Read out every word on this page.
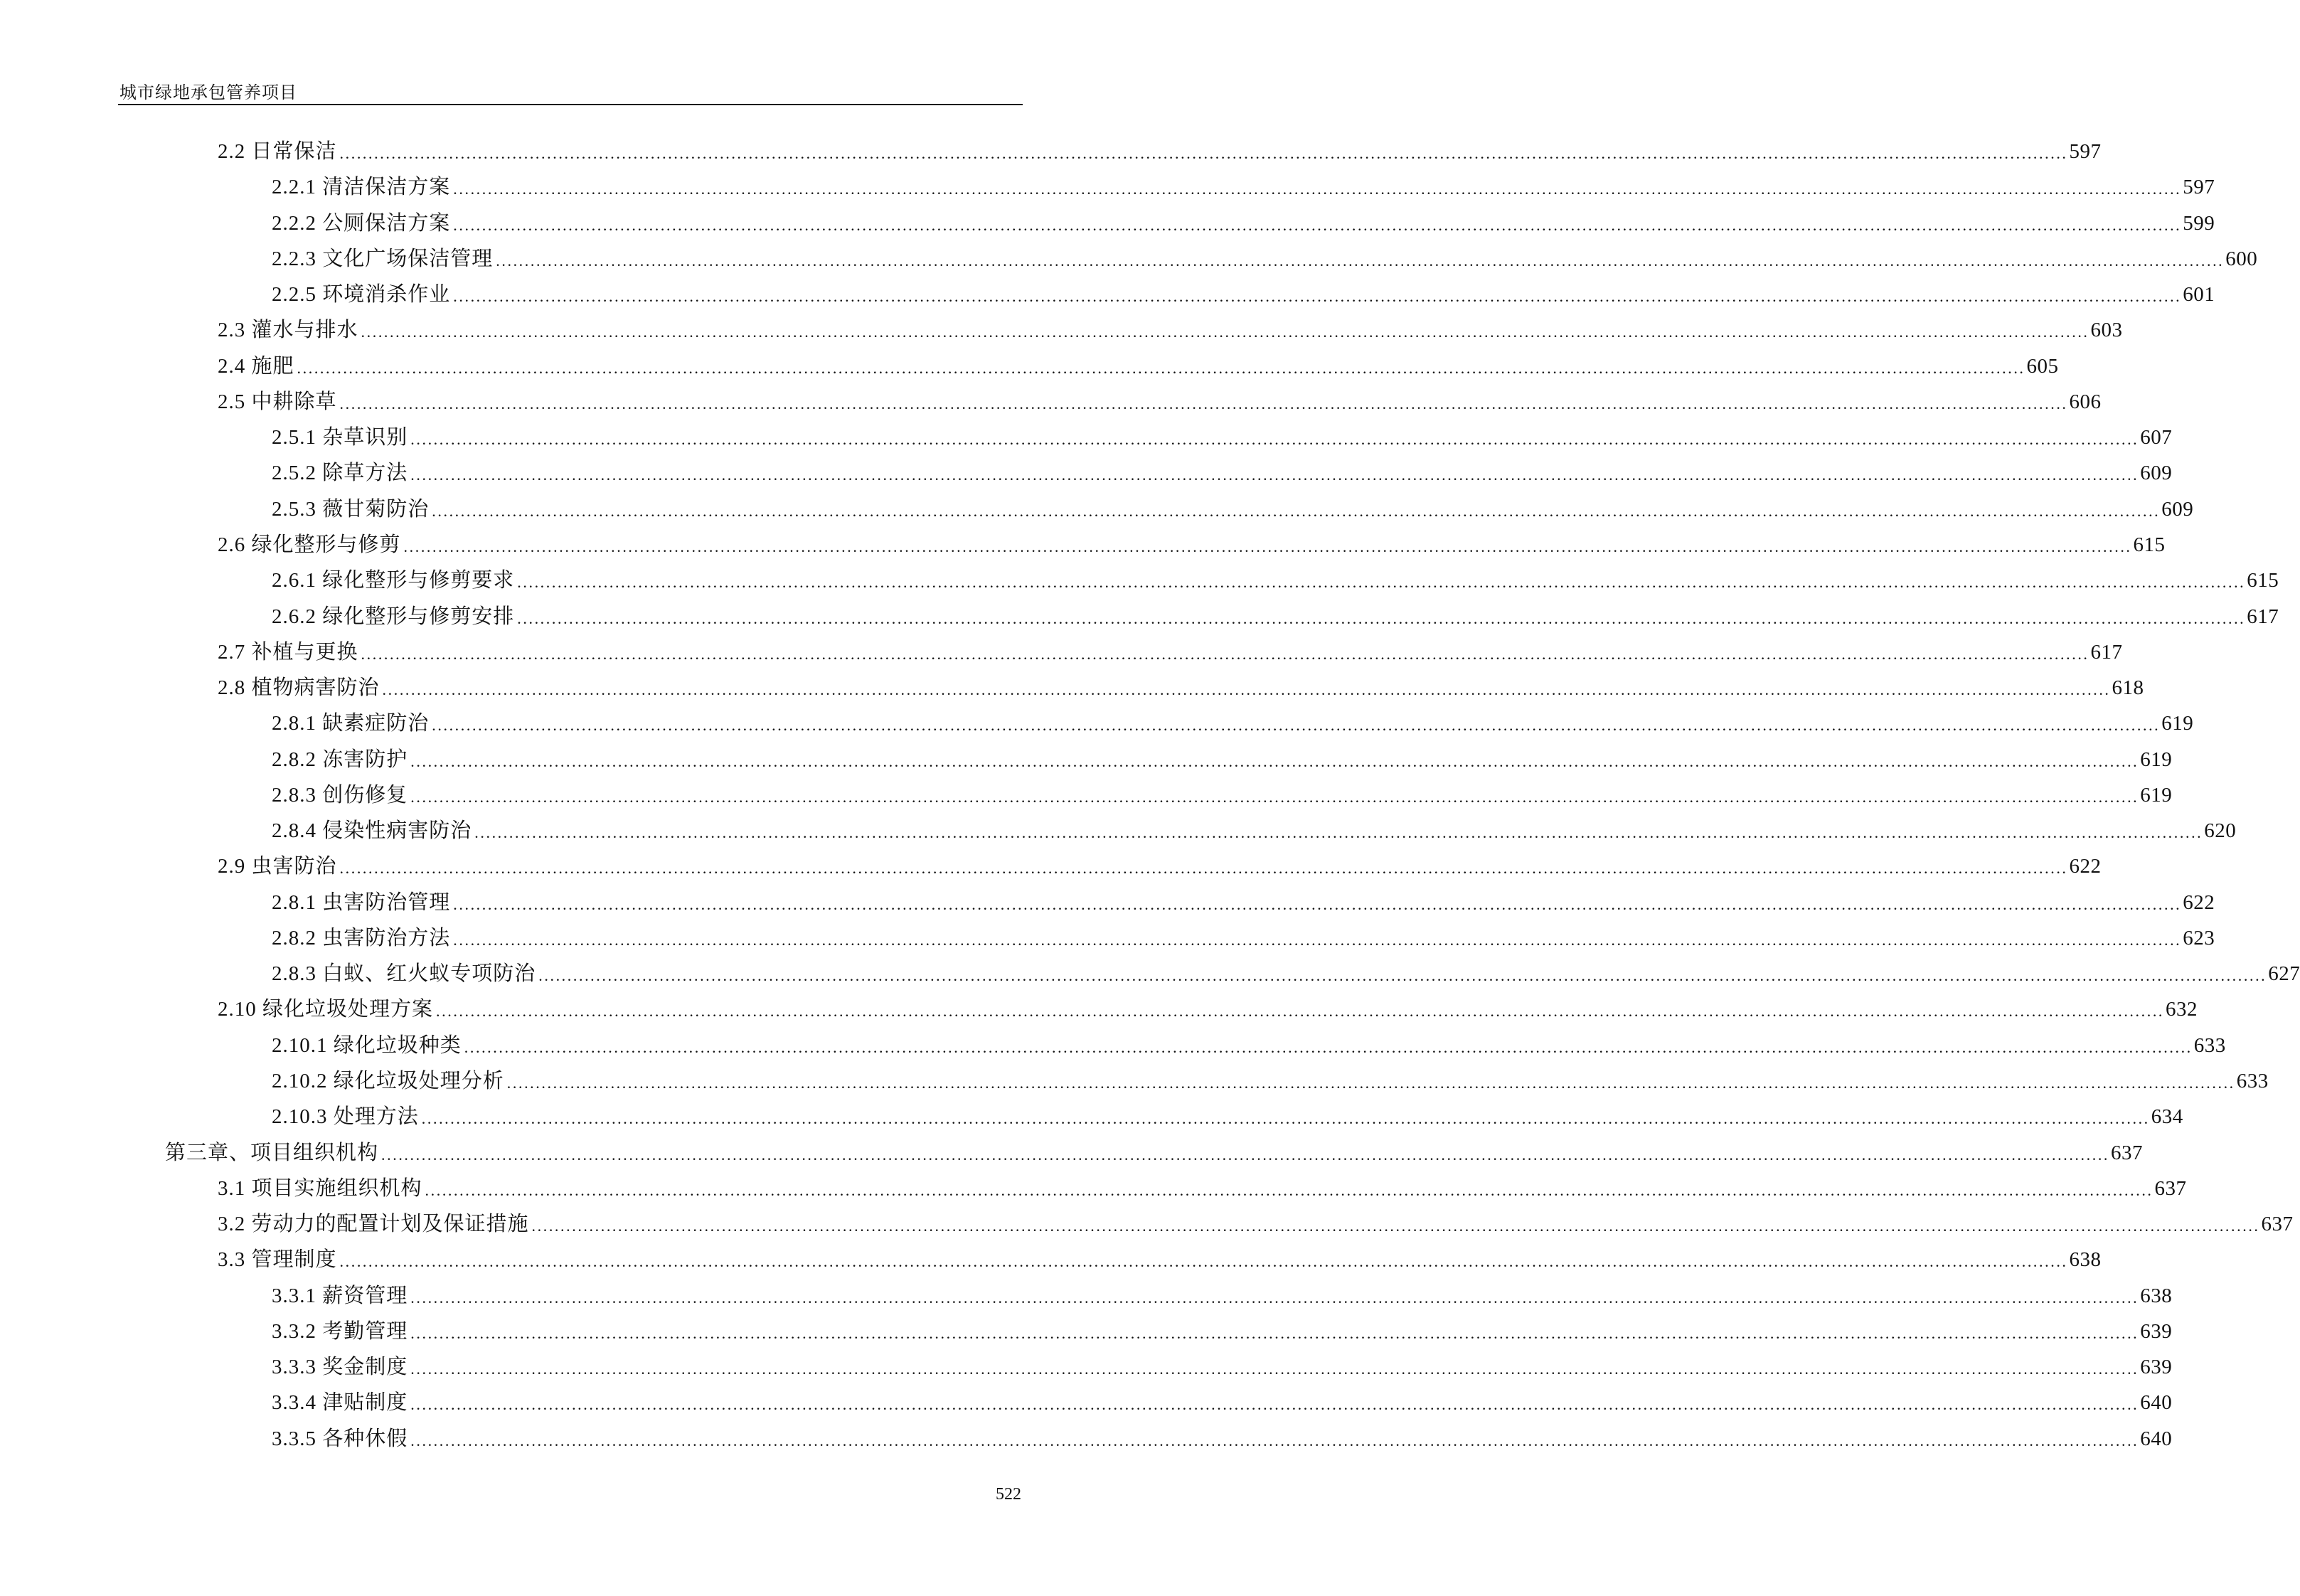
城市绿地承包管养项目
2.2 日常保洁 ............................................................................................................................................................................................................................................................................................................ 597
2.2.1 清洁保洁方案 ............................................................................................................................................................................................................................................................................................................ 597
2.2.2 公厕保洁方案 ............................................................................................................................................................................................................................................................................................................ 599
2.2.3 文化广场保洁管理 ............................................................................................................................................................................................................................................................................................................ 600
2.2.5 环境消杀作业 ............................................................................................................................................................................................................................................................................................................ 601
2.3 灌水与排水 ............................................................................................................................................................................................................................................................................................................ 603
2.4 施肥 ............................................................................................................................................................................................................................................................................................................ 605
2.5 中耕除草 ............................................................................................................................................................................................................................................................................................................ 606
2.5.1 杂草识别 ............................................................................................................................................................................................................................................................................................................ 607
2.5.2 除草方法 ............................................................................................................................................................................................................................................................................................................ 609
2.5.3 薇甘菊防治 ............................................................................................................................................................................................................................................................................................................ 609
2.6 绿化整形与修剪 ............................................................................................................................................................................................................................................................................................................ 615
2.6.1 绿化整形与修剪要求 ............................................................................................................................................................................................................................................................................................................ 615
2.6.2 绿化整形与修剪安排 ............................................................................................................................................................................................................................................................................................................ 617
2.7 补植与更换 ............................................................................................................................................................................................................................................................................................................ 617
2.8 植物病害防治 ............................................................................................................................................................................................................................................................................................................ 618
2.8.1 缺素症防治 ............................................................................................................................................................................................................................................................................................................ 619
2.8.2 冻害防护 ............................................................................................................................................................................................................................................................................................................ 619
2.8.3 创伤修复 ............................................................................................................................................................................................................................................................................................................ 619
2.8.4 侵染性病害防治 ............................................................................................................................................................................................................................................................................................................ 620
2.9 虫害防治 ............................................................................................................................................................................................................................................................................................................ 622
2.8.1 虫害防治管理 ............................................................................................................................................................................................................................................................................................................ 622
2.8.2 虫害防治方法 ............................................................................................................................................................................................................................................................................................................ 623
2.8.3 白蚁、红火蚁专项防治 ............................................................................................................................................................................................................................................................................................................ 627
2.10 绿化垃圾处理方案 ............................................................................................................................................................................................................................................................................................................ 632
2.10.1 绿化垃圾种类 ............................................................................................................................................................................................................................................................................................................ 633
2.10.2 绿化垃圾处理分析 ............................................................................................................................................................................................................................................................................................................ 633
2.10.3 处理方法 ............................................................................................................................................................................................................................................................................................................ 634
第三章、项目组织机构 ............................................................................................................................................................................................................................................................................................................ 637
3.1 项目实施组织机构 ............................................................................................................................................................................................................................................................................................................ 637
3.2 劳动力的配置计划及保证措施 ............................................................................................................................................................................................................................................................................................................ 637
3.3 管理制度 ............................................................................................................................................................................................................................................................................................................ 638
3.3.1 薪资管理 ............................................................................................................................................................................................................................................................................................................ 638
3.3.2 考勤管理 ............................................................................................................................................................................................................................................................................................................ 639
3.3.3 奖金制度 ............................................................................................................................................................................................................................................................................................................ 639
3.3.4 津贴制度 ............................................................................................................................................................................................................................................................................................................ 640
3.3.5 各种休假 ............................................................................................................................................................................................................................................................................................................ 640
522
